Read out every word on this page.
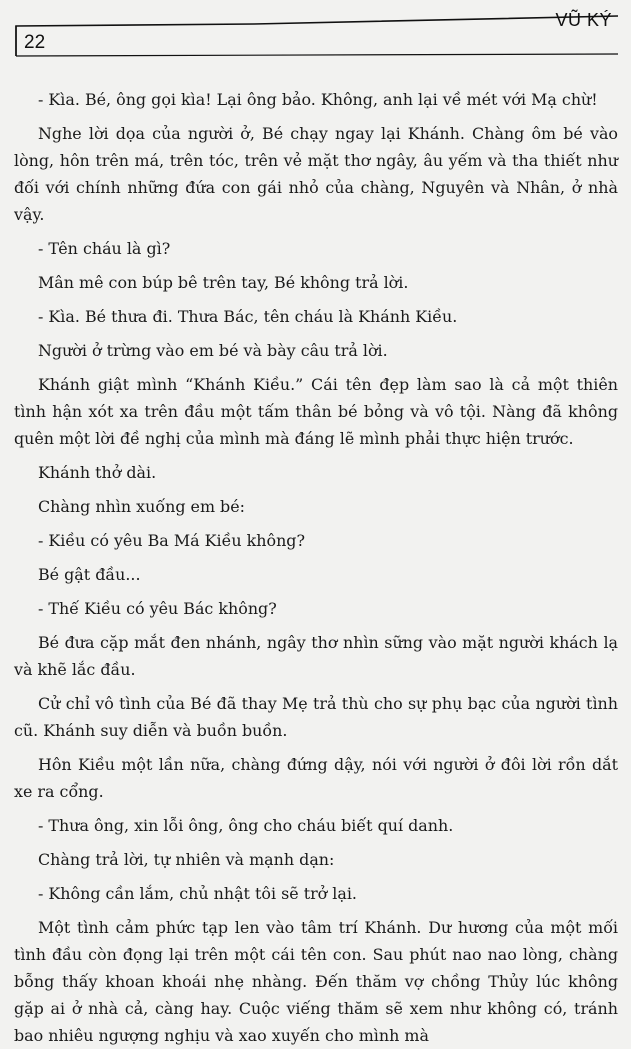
22
VŨ KÝ

- Kìa. Bé, ông gọi kìa! Lại ông bảo. Không, anh lại về mét với Mạ chừ!

Nghe lời dọa của người ở, Bé chạy ngay lại Khánh. Chàng ôm bé vào lòng, hôn trên má, trên tóc, trên vẻ mặt thơ ngây, âu yếm và tha thiết như đối với chính những đứa con gái nhỏ của chàng, Nguyên và Nhân, ở nhà vậy.

- Tên cháu là gì?

Mân mê con búp bê trên tay, Bé không trả lời.

- Kìa. Bé thưa đi. Thưa Bác, tên cháu là Khánh Kiều.

Người ở trừng vào em bé và bày câu trả lời.

Khánh giật mình “Khánh Kiều.” Cái tên đẹp làm sao là cả một thiên tình hận xót xa trên đầu một tấm thân bé bỏng và vô tội. Nàng đã không quên một lời đề nghị của mình mà đáng lẽ mình phải thực hiện trước.

Khánh thở dài.

Chàng nhìn xuống em bé:

- Kiều có yêu Ba Má Kiều không?

Bé gật đầu...

- Thế Kiều có yêu Bác không?

Bé đưa cặp mắt đen nhánh, ngây thơ nhìn sững vào mặt người khách lạ và khẽ lắc đầu.

Cử chỉ vô tình của Bé đã thay Mẹ trả thù cho sự phụ bạc của người tình cũ. Khánh suy diễn và buồn buồn.

Hôn Kiều một lần nữa, chàng đứng dậy, nói với người ở đôi lời rồn dắt xe ra cổng.

- Thưa ông, xin lỗi ông, ông cho cháu biết quí danh.

Chàng trả lời, tự nhiên và mạnh dạn:

- Không cần lắm, chủ nhật tôi sẽ trở lại.

Một tình cảm phức tạp len vào tâm trí Khánh. Dư hương của một mối tình đầu còn đọng lại trên một cái tên con. Sau phút nao nao lòng, chàng bỗng thấy khoan khoái nhẹ nhàng. Đến thăm vợ chồng Thủy lúc không gặp ai ở nhà cả, càng hay. Cuộc viếng thăm sẽ xem như không có, tránh bao nhiêu ngượng nghịu và xao xuyến cho mình mà
